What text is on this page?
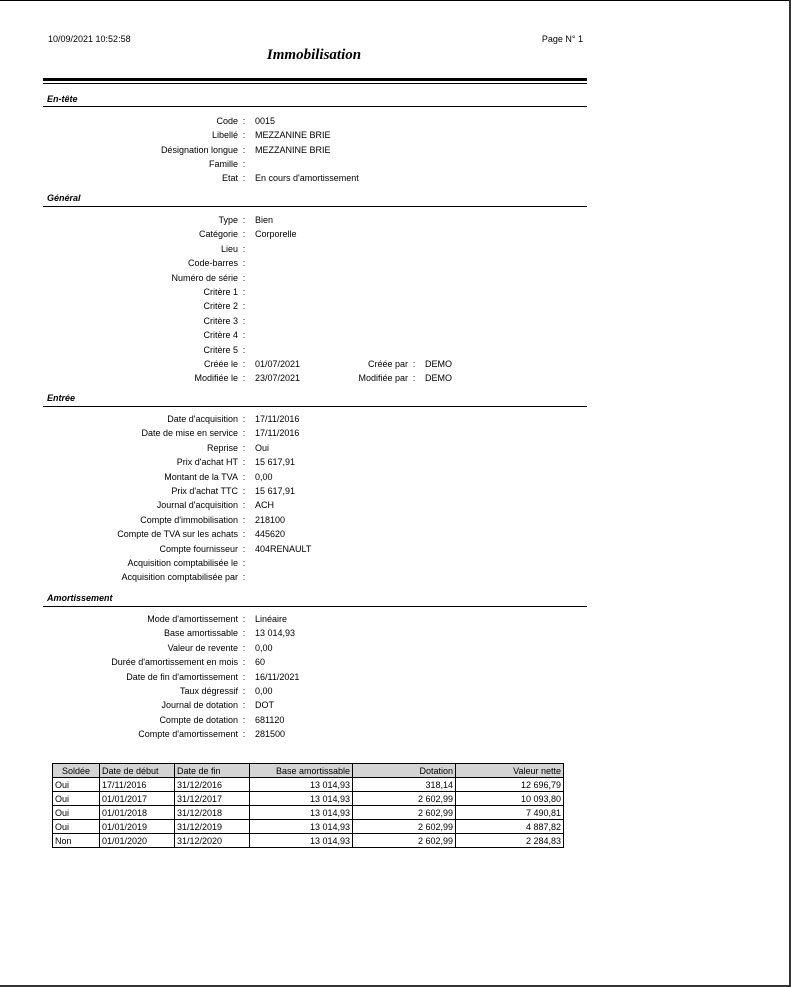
10/09/2021 10:52:58	Page N° 1
Immobilisation
En-tête
Code :	0015
Libellé :	MEZZANINE BRIE
Désignation longue :	MEZZANINE BRIE
Famille :
Etat :	En cours d'amortissement
Général
Type :	Bien
Catégorie :	Corporelle
Lieu :
Code-barres :
Numéro de série :
Critère 1 :
Critère 2 :
Critère 3 :
Critère 4 :
Critère 5 :
Créée le :	01/07/2021
Modifiée le :	23/07/2021
Créée par :	DEMO
Modifiée par :	DEMO
Entrée
Date d'acquisition :	17/11/2016
Date de mise en service :	17/11/2016
Reprise :	Oui
Prix d'achat HT :	15 617,91
Montant de la TVA :	0,00
Prix d'achat TTC :	15 617,91
Journal d'acquisition :	ACH
Compte d'immobilisation :	218100
Compte de TVA sur les achats :	445620
Compte fournisseur :	404RENAULT
Acquisition comptabilisée le :
Acquisition comptabilisée par :
Amortissement
Mode d'amortissement :	Linéaire
Base amortissable :	13 014,93
Valeur de revente :	0,00
Durée d'amortissement en mois :	60
Date de fin d'amortissement :	16/11/2021
Taux dégressif :	0,00
Journal de dotation :	DOT
Compte de dotation :	681120
Compte d'amortissement :	281500
Soldée	Date de début	Date de fin	Base amortissable	Dotation	Valeur nette
Oui	17/11/2016	31/12/2016	13 014,93	318,14	12 696,79
Oui	01/01/2017	31/12/2017	13 014,93	2 602,99	10 093,80
Oui	01/01/2018	31/12/2018	13 014,93	2 602,99	7 490,81
Oui	01/01/2019	31/12/2019	13 014,93	2 602,99	4 887,82
Non	01/01/2020	31/12/2020	13 014,93	2 602,99	2 284,83
